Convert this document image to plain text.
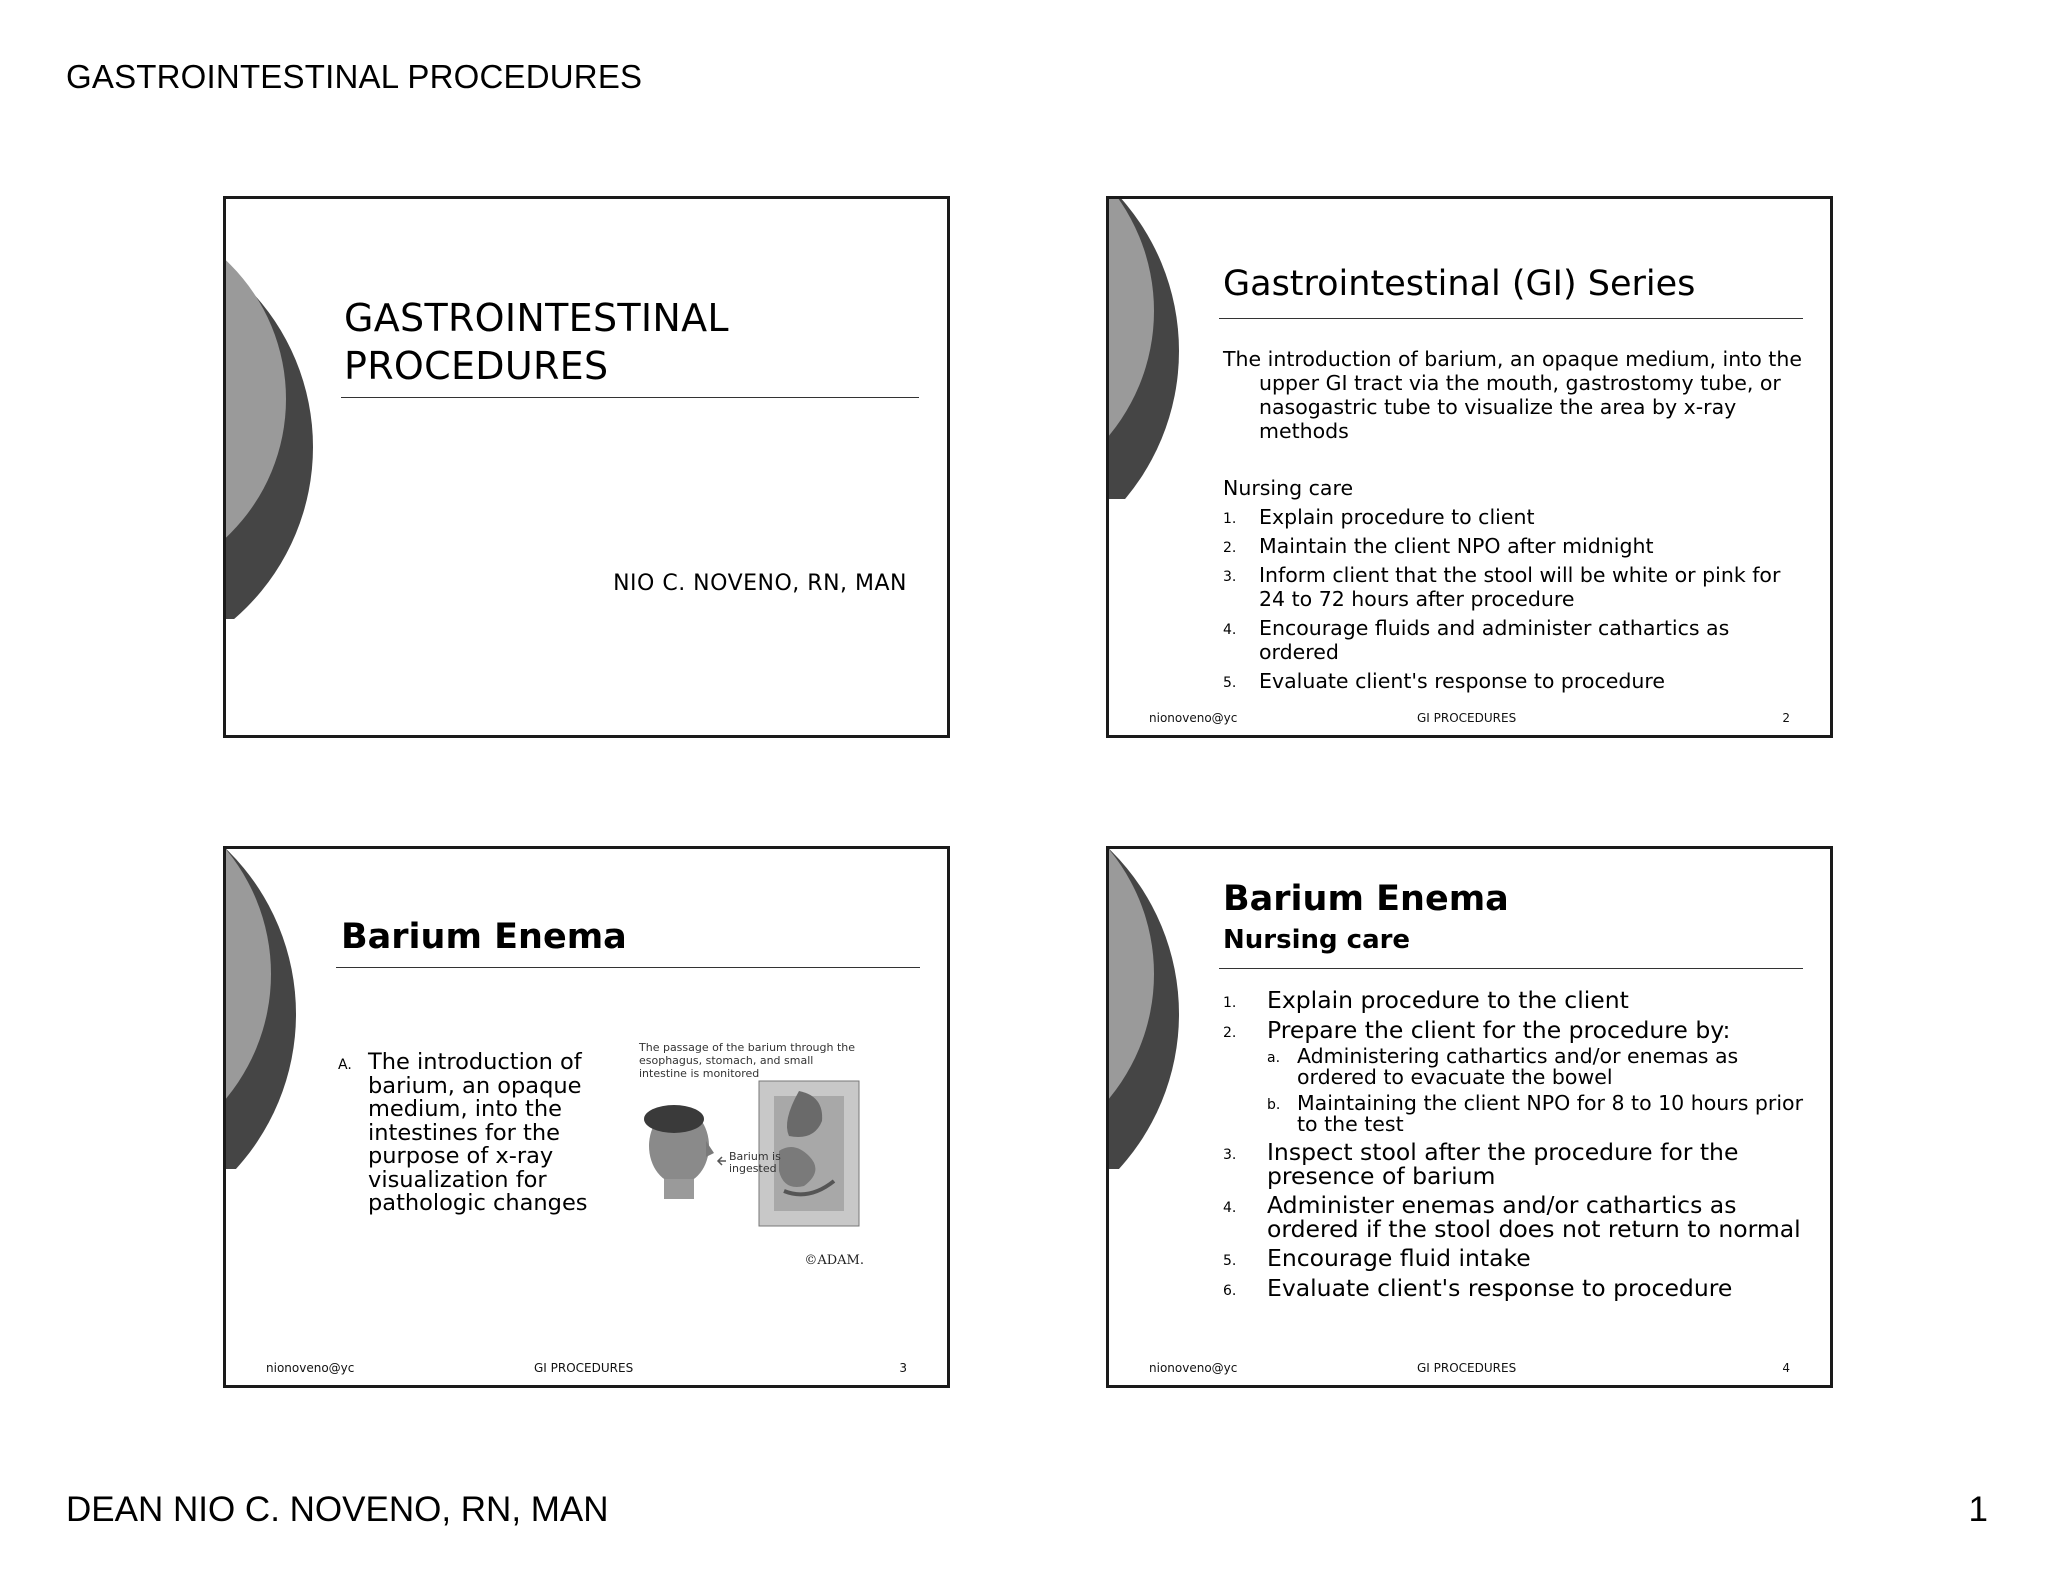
GASTROINTESTINAL PROCEDURES
GASTROINTESTINAL
PROCEDURES
NIO C. NOVENO, RN, MAN
Gastrointestinal (GI) Series

The introduction of barium, an opaque medium, into the upper GI tract via the mouth, gastrostomy tube, or nasogastric tube to visualize the area by x-ray methods

Nursing care
1. Explain procedure to client
2. Maintain the client NPO after midnight
3. Inform client that the stool will be white or pink for 24 to 72 hours after procedure
4. Encourage fluids and administer cathartics as ordered
5. Evaluate client's response to procedure
nionoveno@yc	GI PROCEDURES	2
Barium Enema
A. The introduction of barium, an opaque medium, into the intestines for the purpose of x-ray visualization for pathologic changes
The passage of the barium through the esophagus, stomach, and small intestine is monitored
Barium is
ingested
©ADAM.
nionoveno@yc	GI PROCEDURES	3
Barium Enema
Nursing care
1. Explain procedure to the client
2. Prepare the client for the procedure by:
a. Administering cathartics and/or enemas as ordered to evacuate the bowel
b. Maintaining the client NPO for 8 to 10 hours prior to the test
3. Inspect stool after the procedure for the presence of barium
4. Administer enemas and/or cathartics as ordered if the stool does not return to normal
5. Encourage fluid intake
6. Evaluate client's response to procedure
nionoveno@yc	GI PROCEDURES	4
DEAN NIO C. NOVENO, RN, MAN	1
